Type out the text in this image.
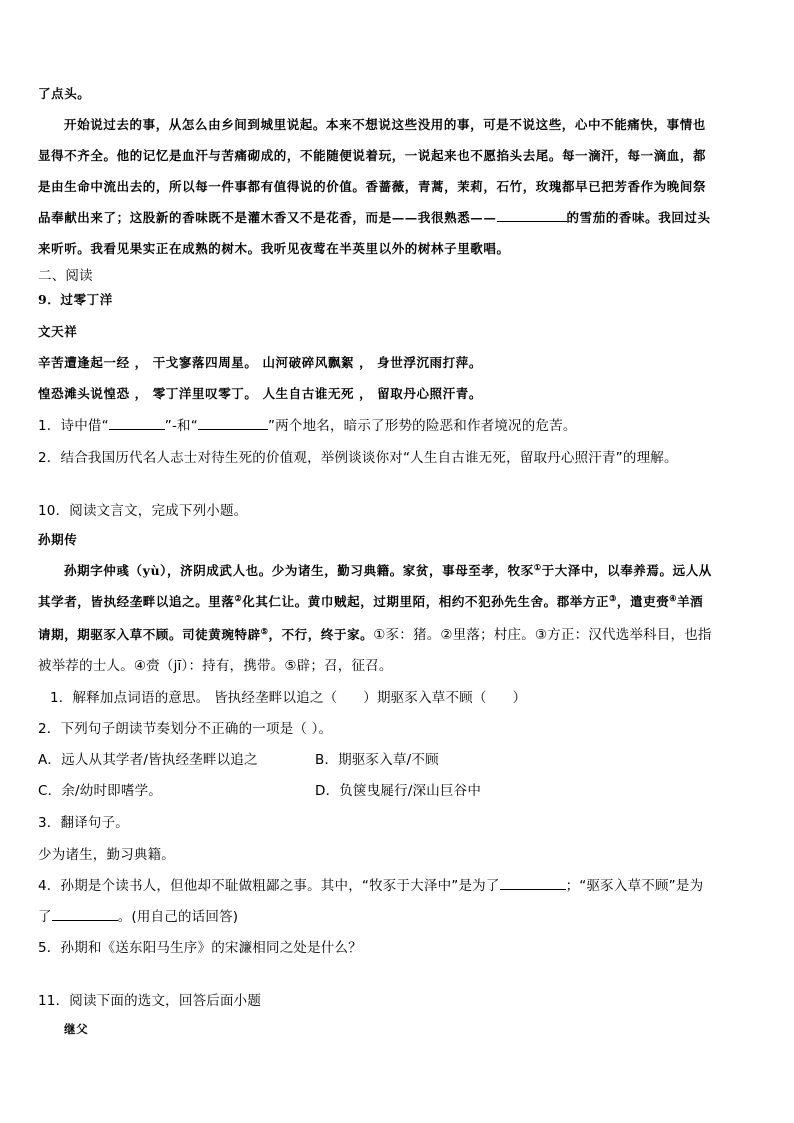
了点头。
开始说过去的事，从怎么由乡间到城里说起。本来不想说这些没用的事，可是不说这些，心中不能痛快，事情也
显得不齐全。他的记忆是血汗与苦痛砌成的，不能随便说着玩，一说起来也不愿掐头去尾。每一滴汗，每一滴血，都
是由生命中流出去的，所以每一件事都有值得说的价值。香蔷薇，青蒿，茉莉，石竹，玫瑰都早已把芳香作为晚间祭
品奉献出来了；这股新的香味既不是灌木香又不是花香，而是——我很熟悉——	的雪茄的香味。我回过头
来听听。我看见果实正在成熟的树木。我听见夜莺在半英里以外的树林子里歌唱。
二、阅读
9．过零丁洋
文天祥
辛苦遭逢起一经 ， 干戈寥落四周星。 山河破碎风飘絮 ， 身世浮沉雨打萍。
惶恐滩头说惶恐 ， 零丁洋里叹零丁。 人生自古谁无死 ， 留取丹心照汗青。
1．诗中借“	”-和“	”两个地名，暗示了形势的险恶和作者境况的危苦。
2．结合我国历代名人志士对待生死的价值观，举例谈谈你对“人生自古谁无死，留取丹心照汗青”的理解。
10．阅读文言文，完成下列小题。
孙期传
孙期字仲彧（yù），济阴成武人也。少为诸生，勤习典籍。家贫，事母至孝，牧豕①于大泽中，以奉养焉。远人从
其学者，皆执经垄畔以追之。里落②化其仁让。黄巾贼起，过期里陌，相约不犯孙先生舍。郡举方正③，遣吏赍④羊酒
请期，期驱豕入草不顾。司徒黄琬特辟⑤，不行，终于家。①豕：猪。②里落；村庄。③方正：汉代选举科目，也指
被举荐的士人。④赍（jī）：持有，携带。⑤辟；召，征召。
1．解释加点词语的意思。 皆执经垄畔以追之（ ）期驱豕入草不顾（ ）
2．下列句子朗读节奏划分不正确的一项是（ ）。
A．远人从其学者/皆执经垄畔以追之	B．期驱豕入草/不顾
C．余/幼时即嗜学。	D．负箧曳屣行/深山巨谷中
3．翻译句子。
少为诸生，勤习典籍。
4．孙期是个读书人，但他却不耻做粗鄙之事。其中，“牧豕于大泽中”是为了	；“驱豕入草不顾”是为
了	。(用自己的话回答)
5．孙期和《送东阳马生序》的宋濂相同之处是什么？
11．阅读下面的选文，回答后面小题
继父
